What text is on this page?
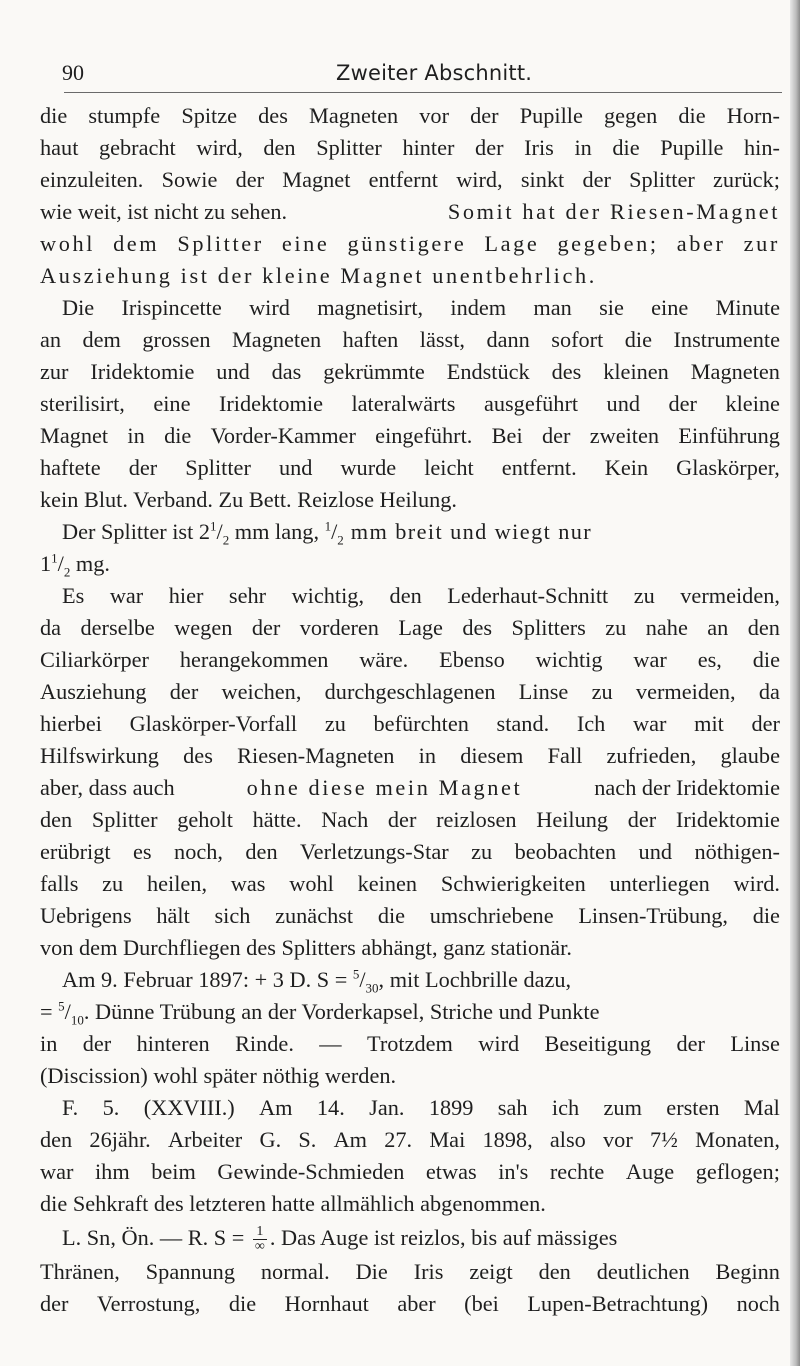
90	Zweiter Abschnitt.
die stumpfe Spitze des Magneten vor der Pupille gegen die Horn-
haut gebracht wird, den Splitter hinter der Iris in die Pupille hin-
einzuleiten. Sowie der Magnet entfernt wird, sinkt der Splitter zurück;
wie weit, ist nicht zu sehen.	Somit hat der Riesen-Magnet
wohl dem Splitter eine günstigere Lage gegeben; aber zur
Ausziehung ist der kleine Magnet unentbehrlich.
Die Irispincette wird magnetisirt, indem man sie eine Minute
an dem grossen Magneten haften lässt, dann sofort die Instrumente
zur Iridektomie und das gekrümmte Endstück des kleinen Magneten
sterilisirt, eine Iridektomie lateralwärts ausgeführt und der kleine
Magnet in die Vorder-Kammer eingeführt. Bei der zweiten Einführung
haftete der Splitter und wurde leicht entfernt. Kein Glaskörper,
kein Blut. Verband. Zu Bett. Reizlose Heilung.
Der Splitter ist $2^1/_2$ mm lang, $^1/_2$ mm breit und wiegt nur
$1^1/_2$ mg.
Es war hier sehr wichtig, den Lederhaut-Schnitt zu vermeiden,
da derselbe wegen der vorderen Lage des Splitters zu nahe an den
Ciliarkörper herangekommen wäre. Ebenso wichtig war es, die
Ausziehung der weichen, durchgeschlagenen Linse zu vermeiden, da
hierbei Glaskörper-Vorfall zu befürchten stand. Ich war mit der
Hilfswirkung des Riesen-Magneten in diesem Fall zufrieden, glaube
aber, dass auch	ohne diese mein Magnet	nach der Iridektomie
den Splitter geholt hätte. Nach der reizlosen Heilung der Iridektomie
erübrigt es noch, den Verletzungs-Star zu beobachten und nöthigen-
falls zu heilen, was wohl keinen Schwierigkeiten unterliegen wird.
Uebrigens hält sich zunächst die umschriebene Linsen-Trübung, die
von dem Durchfliegen des Splitters abhängt, ganz stationär.
Am 9. Februar 1897: + 3 D. $S = ^5/_{30}$, mit Lochbrille dazu,
= $^5/_{10}$. Dünne Trübung an der Vorderkapsel, Striche und Punkte
in der hinteren Rinde. — Trotzdem wird Beseitigung der Linse
(Discission) wohl später nöthig werden.
F. 5. (XXVIII.) Am 14. Jan. 1899 sah ich zum ersten Mal
den 26jähr. Arbeiter G. S. Am 27. Mai 1898, also vor 7½ Monaten,
war ihm beim Gewinde-Schmieden etwas in's rechte Auge geflogen;
die Sehkraft des letzteren hatte allmählich abgenommen.
L. Sn, Ön. — R. $S = \frac{1}{\infty}$ . Das Auge ist reizlos, bis auf mässiges
Thränen, Spannung normal. Die Iris zeigt den deutlichen Beginn
der Verrostung, die Hornhaut aber (bei Lupen-Betrachtung) noch
